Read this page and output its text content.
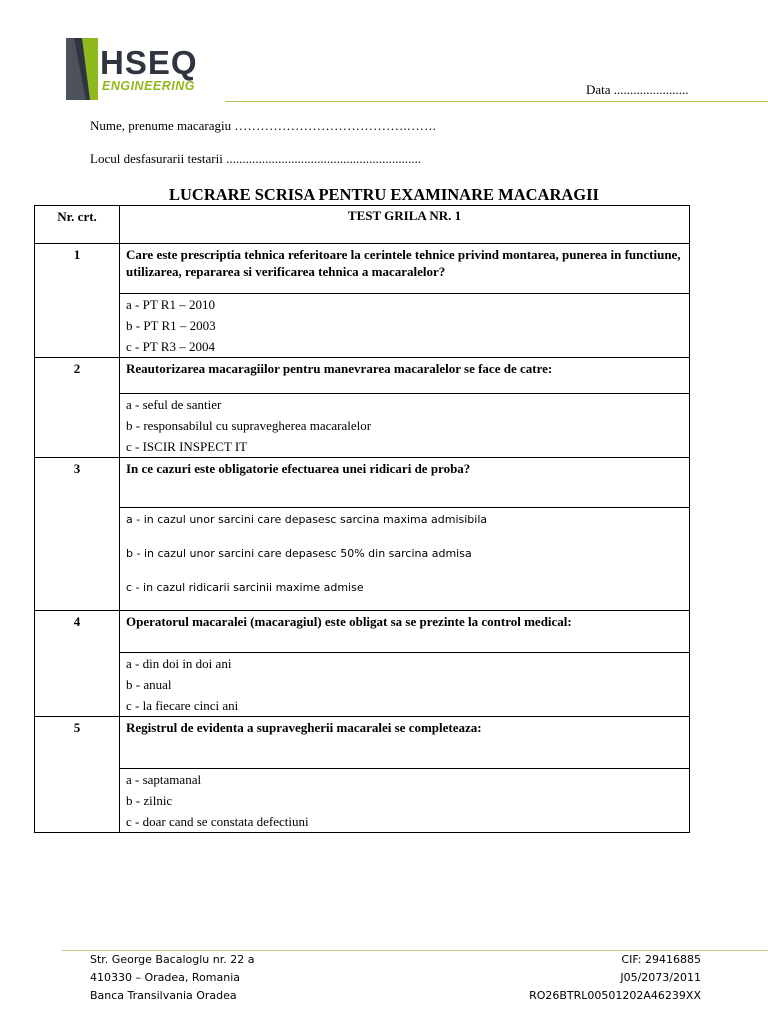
HSEQ
ENGINEERING	Data .......................
Nume, prenume macaragiu ………………………………….…….
Locul desfasurarii testarii ............................................................
LUCRARE SCRISA PENTRU EXAMINARE MACARAGII
Nr. crt.	TEST GRILA NR. 1

1	Care este prescriptia tehnica referitoare la cerintele tehnice privind montarea, punerea in functiune, utilizarea, repararea si verificarea tehnica a macaralelor?

	a - PT R1 – 2010
b - PT R1 – 2003
c - PT R3 – 2004

2	Reautorizarea macaragiilor pentru manevrarea macaralelor se face de catre:

	a - seful de santier
b - responsabilul cu supravegherea macaralelor
c - ISCIR INSPECT IT

3	In ce cazuri este obligatorie efectuarea unei ridicari de proba?

	a - in cazul unor sarcini care depasesc sarcina maxima admisibila
b - in cazul unor sarcini care depasesc 50% din sarcina admisa
c - in cazul ridicarii sarcinii maxime admise

4	Operatorul macaralei (macaragiul) este obligat sa se prezinte la control medical:

	a - din doi in doi ani
b - anual
c - la fiecare cinci ani

5	Registrul de evidenta a supravegherii macaralei se completeaza:

	a - saptamanal
b - zilnic
c - doar cand se constata defectiuni
Str. George Bacaloglu nr. 22 a
410330 – Oradea, Romania
Banca Transilvania Oradea
CIF: 29416885
J05/2073/2011
RO26BTRL00501202A46239XX
